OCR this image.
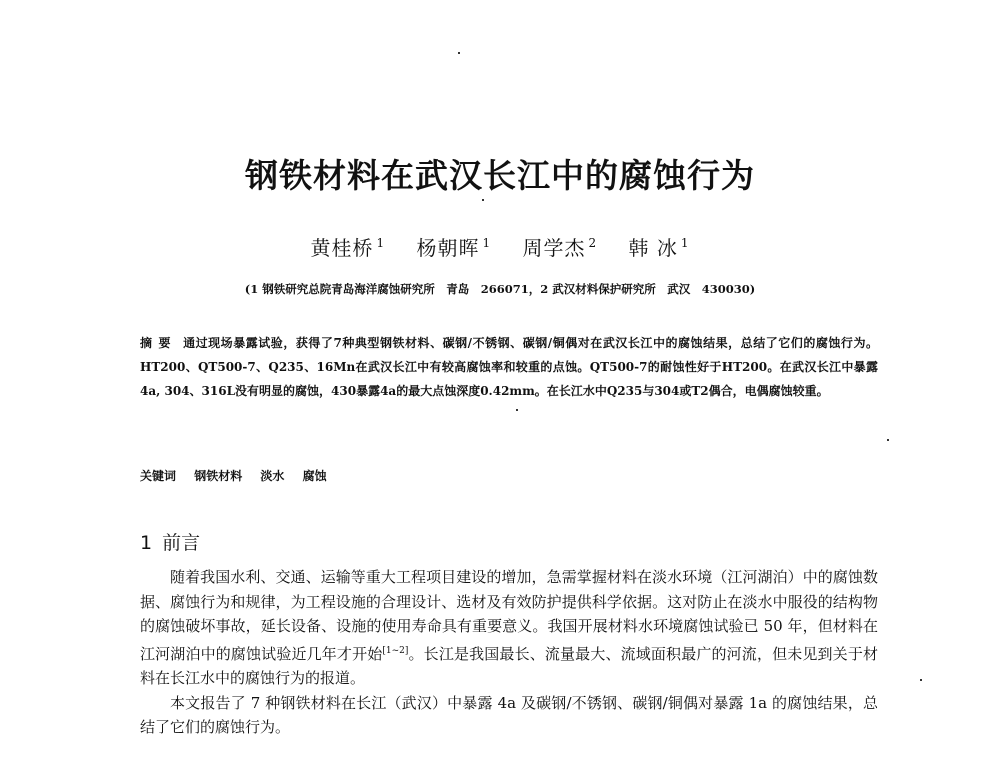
钢铁材料在武汉长江中的腐蚀行为
黄桂桥 $^1$ 杨朝晖 $^1$ 周学杰 $^2$ 韩 冰 $^1$
(1 钢铁研究总院青岛海洋腐蚀研究所　青岛　266071，2 武汉材料保护研究所　武汉　430030)

摘要 通过现场暴露试验，获得了7种典型钢铁材料、碳钢/不锈钢、碳钢/铜偶对在武汉长江中的腐蚀结果，总结了它们的腐蚀行为。HT200、QT500-7、Q235、16Mn在武汉长江中有较高腐蚀率和较重的点蚀。QT500-7的耐蚀性好于HT200。在武汉长江中暴露4a, 304、316L没有明显的腐蚀，430暴露4a的最大点蚀深度0.42mm。在长江水中Q235与304或T2偶合，电偶腐蚀较重。

关键词 钢铁材料 淡水 腐蚀
1 前言

随着我国水利、交通、运输等重大工程项目建设的增加，急需掌握材料在淡水环境（江河湖泊）中的腐蚀数据、腐蚀行为和规律，为工程设施的合理设计、选材及有效防护提供科学依据。这对防止在淡水中服役的结构物的腐蚀破坏事故，延长设备、设施的使用寿命具有重要意义。我国开展材料水环境腐蚀试验已 50 年，但材料在江河湖泊中的腐蚀试验近几年才开始[1~2]。长江是我国最长、流量最大、流域面积最广的河流，但未见到关于材料在长江水中的腐蚀行为的报道。

本文报告了 7 种钢铁材料在长江（武汉）中暴露 4a 及碳钢/不锈钢、碳钢/铜偶对暴露 1a 的腐蚀结果，总结了它们的腐蚀行为。
